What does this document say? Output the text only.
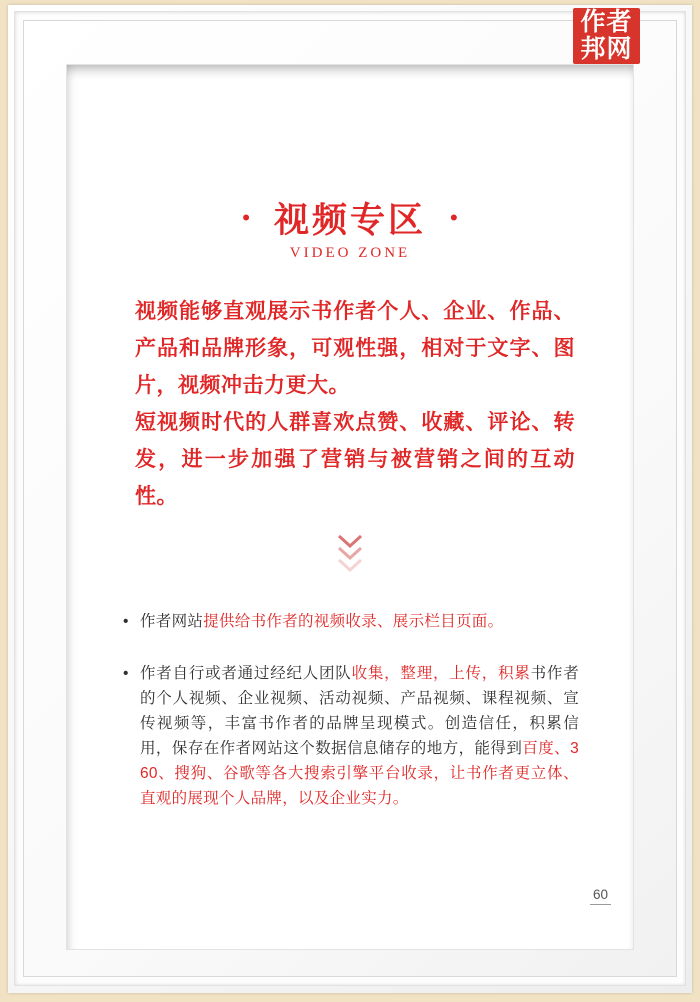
• 视频专区 •
VIDEO ZONE
视频能够直观展示书作者个人、企业、作品、产品和品牌形象，可观性强，相对于文字、图片，视频冲击力更大。
短视频时代的人群喜欢点赞、收藏、评论、转发，进一步加强了营销与被营销之间的互动性。
• 作者网站提供给书作者的视频收录、展示栏目页面。
• 作者自行或者通过经纪人团队收集，整理，上传，积累书作者的个人视频、企业视频、活动视频、产品视频、课程视频、宣传视频等，丰富书作者的品牌呈现模式。创造信任，积累信用，保存在作者网站这个数据信息储存的地方，能得到百度、360、搜狗、谷歌等各大搜索引擎平台收录，让书作者更立体、直观的展现个人品牌，以及企业实力。
60
作者
邦网
